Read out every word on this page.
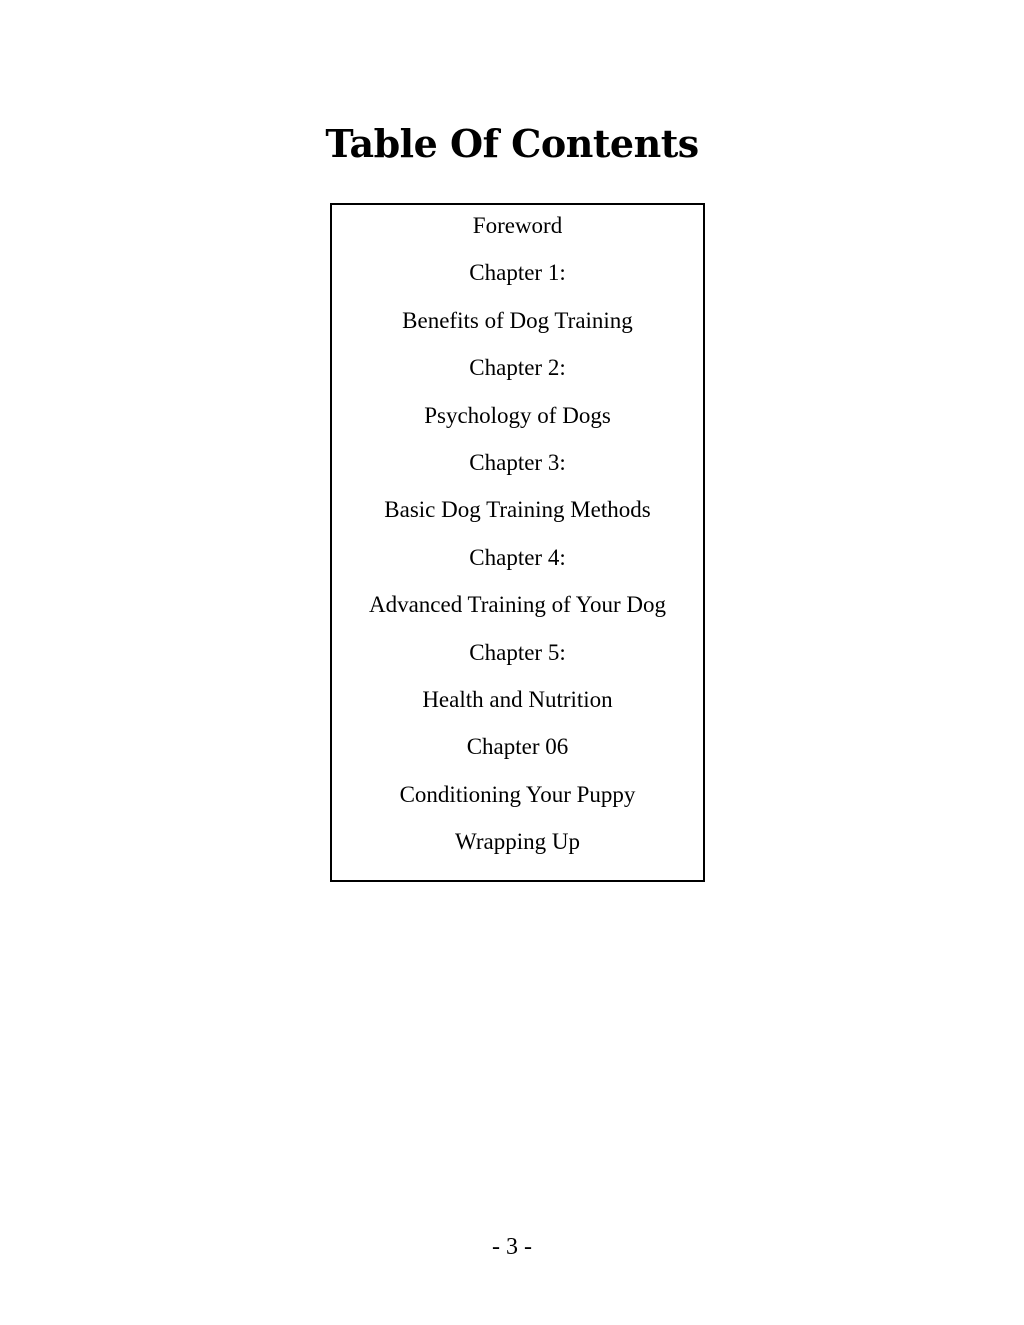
Table Of Contents
Foreword
Chapter 1:
Benefits of Dog Training
Chapter 2:
Psychology of Dogs
Chapter 3:
Basic Dog Training Methods
Chapter 4:
Advanced Training of Your Dog
Chapter 5:
Health and Nutrition
Chapter 06
Conditioning Your Puppy
Wrapping Up
- 3 -
